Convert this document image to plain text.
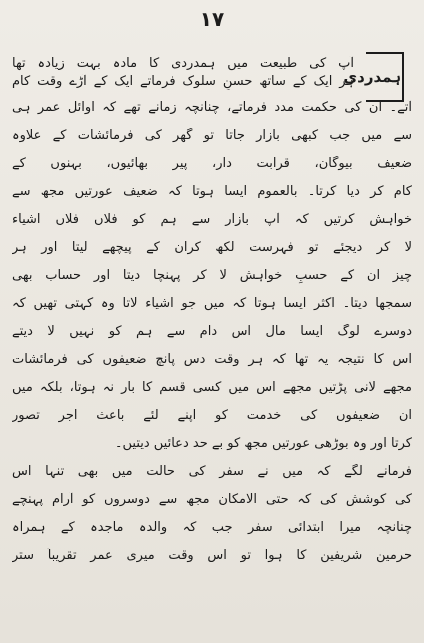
١٧
ہمدردی
آپ کی طبیعت میں ہمدردی کا مادہ بہت زیادہ تھا
ہر ایک کے ساتھ حسنِ سلوک فرماتے ایک کے آڑے وقت کام
آتے۔ ان کی حکمت مدد فرماتے، چنانچہ زمانے تھے کہ اوائل عمر ہی
سے میں جب کبھی بازار جاتا تو گھر کی فرمائشات کے علاوہ
ضعیف بیوگان، قرابت دار، پیر بھائیوں، بہنوں کے
کام کر دیا کرتا۔ بالعموم ایسا ہوتا کہ ضعیف عورتیں مجھ سے
خواہش کرتیں کہ آپ بازار سے ہم کو فلاں فلاں اشیاء
لا کر دیجئے تو فہرست لکھ کران کے پیچھے لیتا اور ہر
چیز ان کے حسبِ خواہش لا کر پہنچا دیتا اور حساب بھی
سمجھا دیتا۔ اکثر ایسا ہوتا کہ میں جو اشیاء لاتا وہ کہتی تھیں کہ
دوسرے لوگ ایسا مال اس دام سے ہم کو نہیں لا دیتے
اس کا نتیجہ یہ تھا کہ ہر وقت دس پانچ ضعیفوں کی فرمائشات
مجھے لانی پڑتیں مجھے اس میں کسی قسم کا بار نہ ہوتا، بلکہ میں
ان ضعیفوں کی خدمت کو اپنے لئے باعث اجر تصور
کرتا اور وہ بوڑھی عورتیں مجھ کو بے حد دعائیں دیتیں۔
فرمانے لگے کہ میں نے سفر کی حالت میں بھی تنہا اس
کی کوشش کی کہ حتی الامکان مجھ سے دوسروں کو آرام پہنچے
چنانچہ میرا ابتدائی سفر جب کہ والدہ ماجدہ کے ہمراہ
حرمین شریفین کا ہوا تو اس وقت میری عمر تقریباً ستر
